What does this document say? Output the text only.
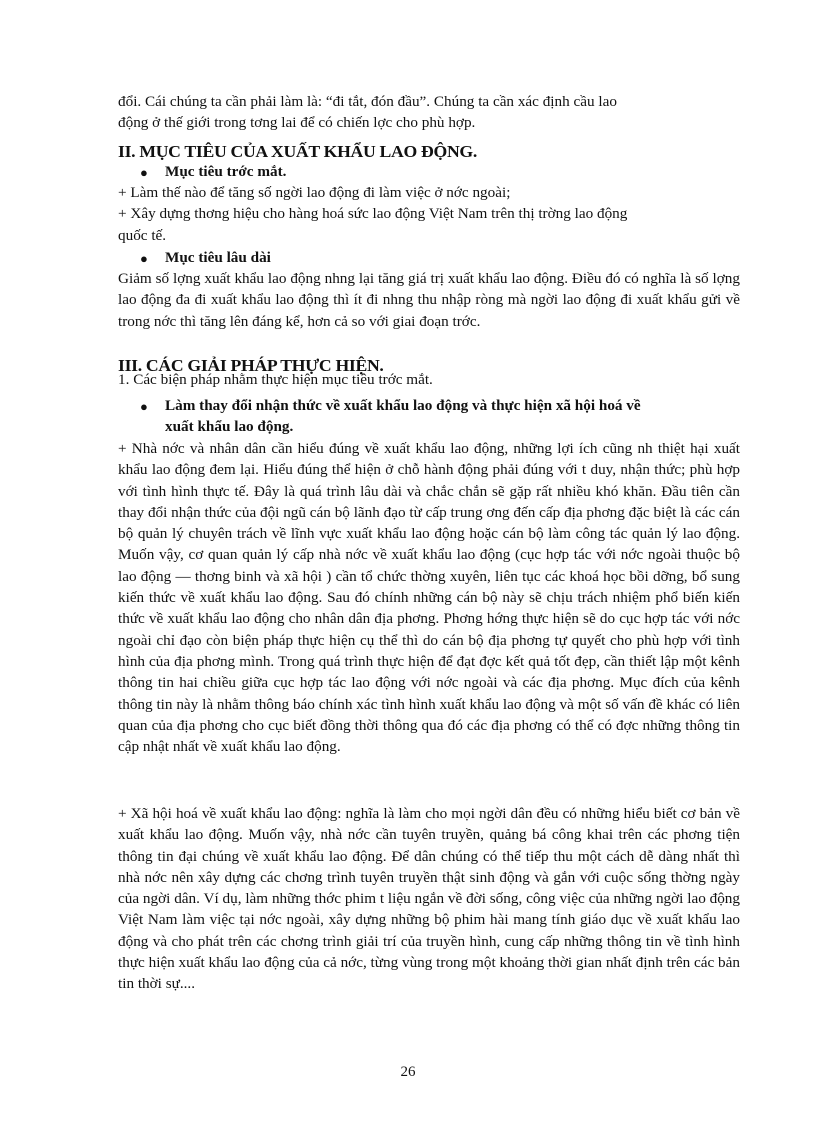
đổi. Cái chúng ta cần phải làm là: “đi tắt, đón đầu”. Chúng ta cần xác định cầu lao
động ở thế giới trong tơng lai để có chiến lợc cho phù hợp.
II. MỤC TIÊU CỦA XUẤT KHẨU LAO ĐỘNG.
● Mục tiêu trớc mắt.
+ Làm thế nào để tăng số ngời lao động đi làm việc ở nớc ngoài;
+ Xây dựng thơng hiệu cho hàng hoá sức lao động Việt Nam trên thị trờng lao động
quốc tế.
● Mục tiêu lâu dài
Giảm số lợng xuất khẩu lao động nhng lại tăng giá trị xuất khẩu lao động. Điều đó có nghĩa là số lợng lao động đa đi xuất khẩu lao động thì ít đi nhng thu nhập ròng mà ngời lao động đi xuất khẩu gửi về trong nớc thì tăng lên đáng kể, hơn cả so với giai đoạn trớc.
III. CÁC GIẢI PHÁP THỰC HIỆN.
1. Các biện pháp nhằm thực hiện mục tiêu trớc mắt.
● Làm thay đổi nhận thức về xuất khẩu lao động và thực hiện xã hội hoá về
xuất khẩu lao động.
+ Nhà nớc và nhân dân cần hiểu đúng về xuất khẩu lao động, những lợi ích cũng nh thiệt hại xuất khẩu lao động đem lại. Hiểu đúng thể hiện ở chỗ hành động phải đúng với t duy, nhận thức; phù hợp với tình hình thực tế. Đây là quá trình lâu dài và chắc chắn sẽ gặp rất nhiều khó khăn. Đầu tiên cần thay đổi nhận thức của đội ngũ cán bộ lãnh đạo từ cấp trung ơng đến cấp địa phơng đặc biệt là các cán bộ quản lý chuyên trách về lĩnh vực xuất khẩu lao động hoặc cán bộ làm công tác quản lý lao động. Muốn vậy, cơ quan quản lý cấp nhà nớc về xuất khẩu lao động (cục hợp tác với nớc ngoài thuộc bộ lao động — thơng binh và xã hội ) cần tổ chức thờng xuyên, liên tục các khoá học bồi dỡng, bổ sung kiến thức về xuất khẩu lao động. Sau đó chính những cán bộ này sẽ chịu trách nhiệm phổ biến kiến thức về xuất khẩu lao động cho nhân dân địa phơng. Phơng hớng thực hiện sẽ do cục hợp tác với nớc ngoài chỉ đạo còn biện pháp thực hiện cụ thể thì do cán bộ địa phơng tự quyết cho phù hợp với tình hình của địa phơng mình. Trong quá trình thực hiện để đạt đợc kết quả tốt đẹp, cần thiết lập một kênh thông tin hai chiều giữa cục hợp tác lao động với nớc ngoài và các địa phơng. Mục đích của kênh thông tin này là nhằm thông báo chính xác tình hình xuất khẩu lao động và một số vấn đề khác có liên quan của địa phơng cho cục biết đồng thời thông qua đó các địa phơng có thể có đợc những thông tin cập nhật nhất về xuất khẩu lao động.
+ Xã hội hoá về xuất khẩu lao động: nghĩa là làm cho mọi ngời dân đều có những hiểu biết cơ bản về xuất khẩu lao động. Muốn vậy, nhà nớc cần tuyên truyền, quảng bá công khai trên các phơng tiện thông tin đại chúng về xuất khẩu lao động. Để dân chúng có thể tiếp thu một cách dễ dàng nhất thì nhà nớc nên xây dựng các chơng trình tuyên truyền thật sinh động và gắn với cuộc sống thờng ngày của ngời dân. Ví dụ, làm những thớc phim t liệu ngắn về đời sống, công việc của những ngời lao động Việt Nam làm việc tại nớc ngoài, xây dựng những bộ phim hài mang tính giáo dục về xuất khẩu lao động và cho phát trên các chơng trình giải trí của truyền hình, cung cấp những thông tin về tình hình thực hiện xuất khẩu lao động của cả nớc, từng vùng trong một khoảng thời gian nhất định trên các bản tin thời sự....
26
